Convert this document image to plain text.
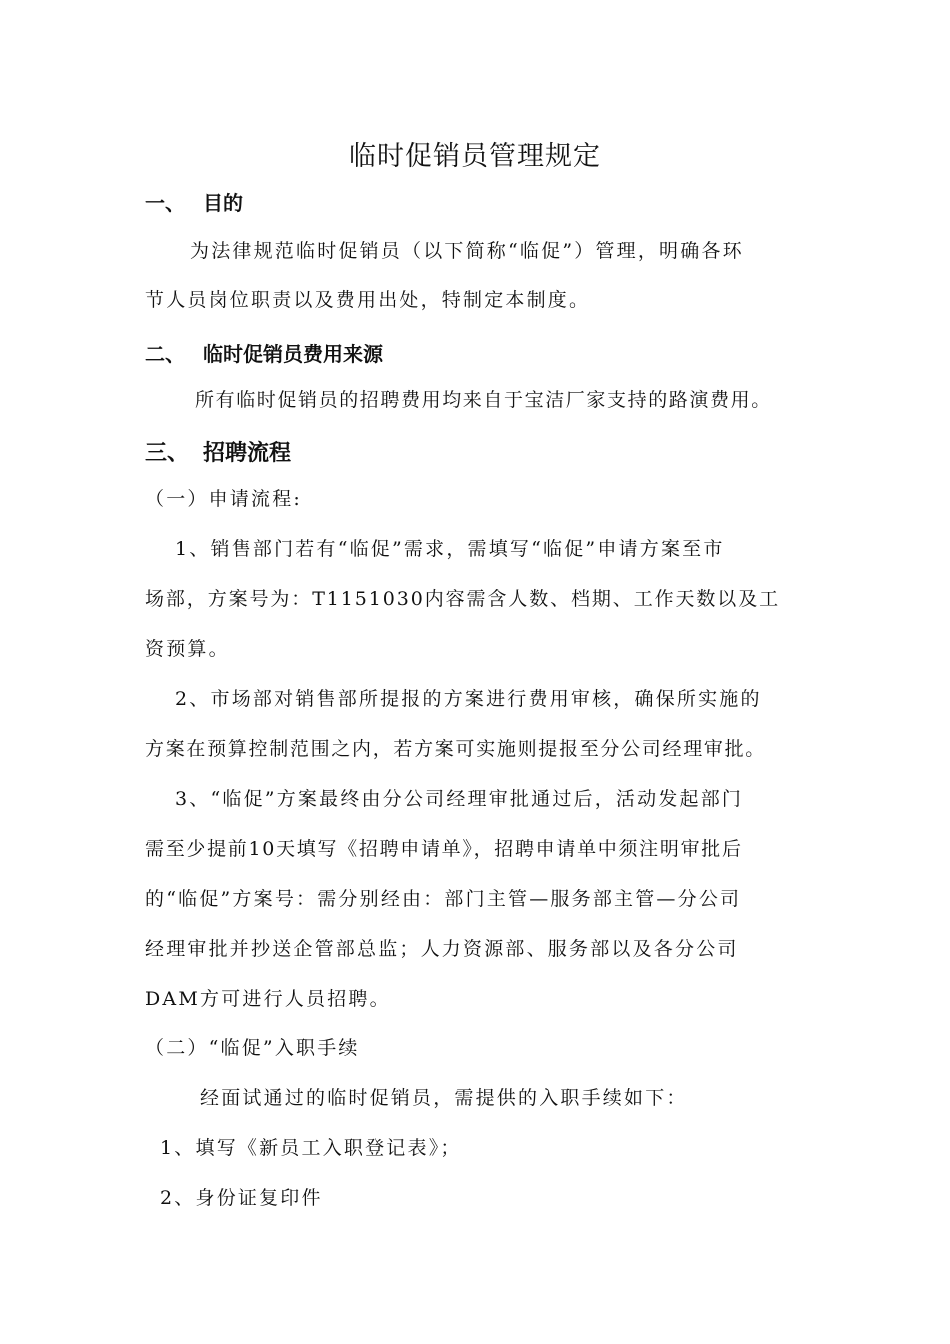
临时促销员管理规定
一、 目的
为法律规范临时促销员（以下简称“临促”）管理，明确各环
节人员岗位职责以及费用出处，特制定本制度。
二、 临时促销员费用来源
所有临时促销员的招聘费用均来自于宝洁厂家支持的路演费用。
三、 招聘流程
（一）申请流程:
1、销售部门若有“临促”需求，需填写“临促”申请方案至市
场部，方案号为：T1151030内容需含人数、档期、工作天数以及工
资预算。
2、市场部对销售部所提报的方案进行费用审核，确保所实施的
方案在预算控制范围之内，若方案可实施则提报至分公司经理审批。
3、“临促”方案最终由分公司经理审批通过后，活动发起部门
需至少提前10天填写《招聘申请单》，招聘申请单中须注明审批后
的“临促”方案号：需分别经由：部门主管—服务部主管—分公司
经理审批并抄送企管部总监；人力资源部、服务部以及各分公司
DAM方可进行人员招聘。
（二）“临促”入职手续
经面试通过的临时促销员，需提供的入职手续如下：
1、填写《新员工入职登记表》；
2、身份证复印件
